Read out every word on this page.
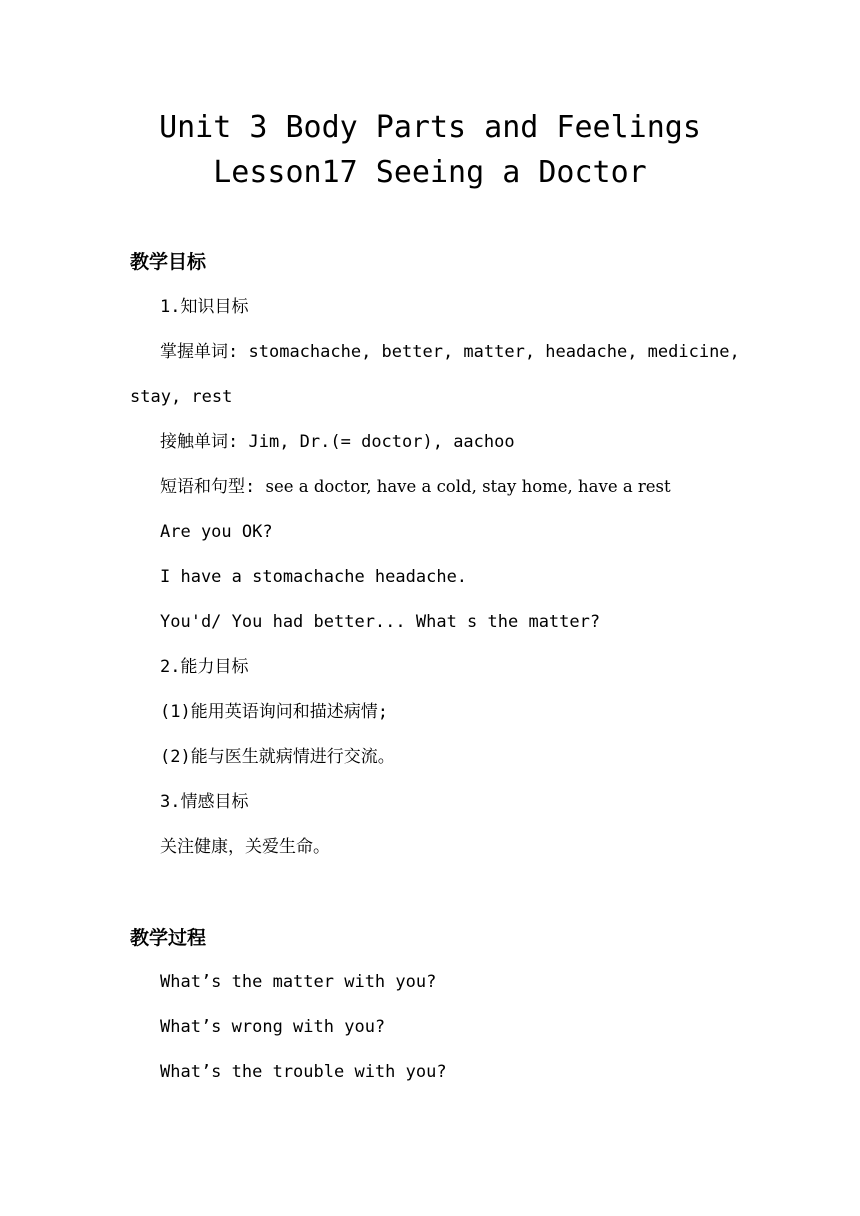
Unit 3 Body Parts and Feelings
Lesson17 Seeing a Doctor
教学目标
1.知识目标
掌握单词: stomachache, better, matter, headache, medicine,
stay, rest
接触单词: Jim, Dr.(= doctor), aachoo
短语和句型: see a doctor, have a cold, stay home, have a rest
Are you OK?
I have a stomachache headache.
You'd/ You had better... What s the matter?
2.能力目标
(1)能用英语询问和描述病情;
(2)能与医生就病情进行交流。
3.情感目标
关注健康，关爱生命。
教学过程
What’s the matter with you?
What’s wrong with you?
What’s the trouble with you?
